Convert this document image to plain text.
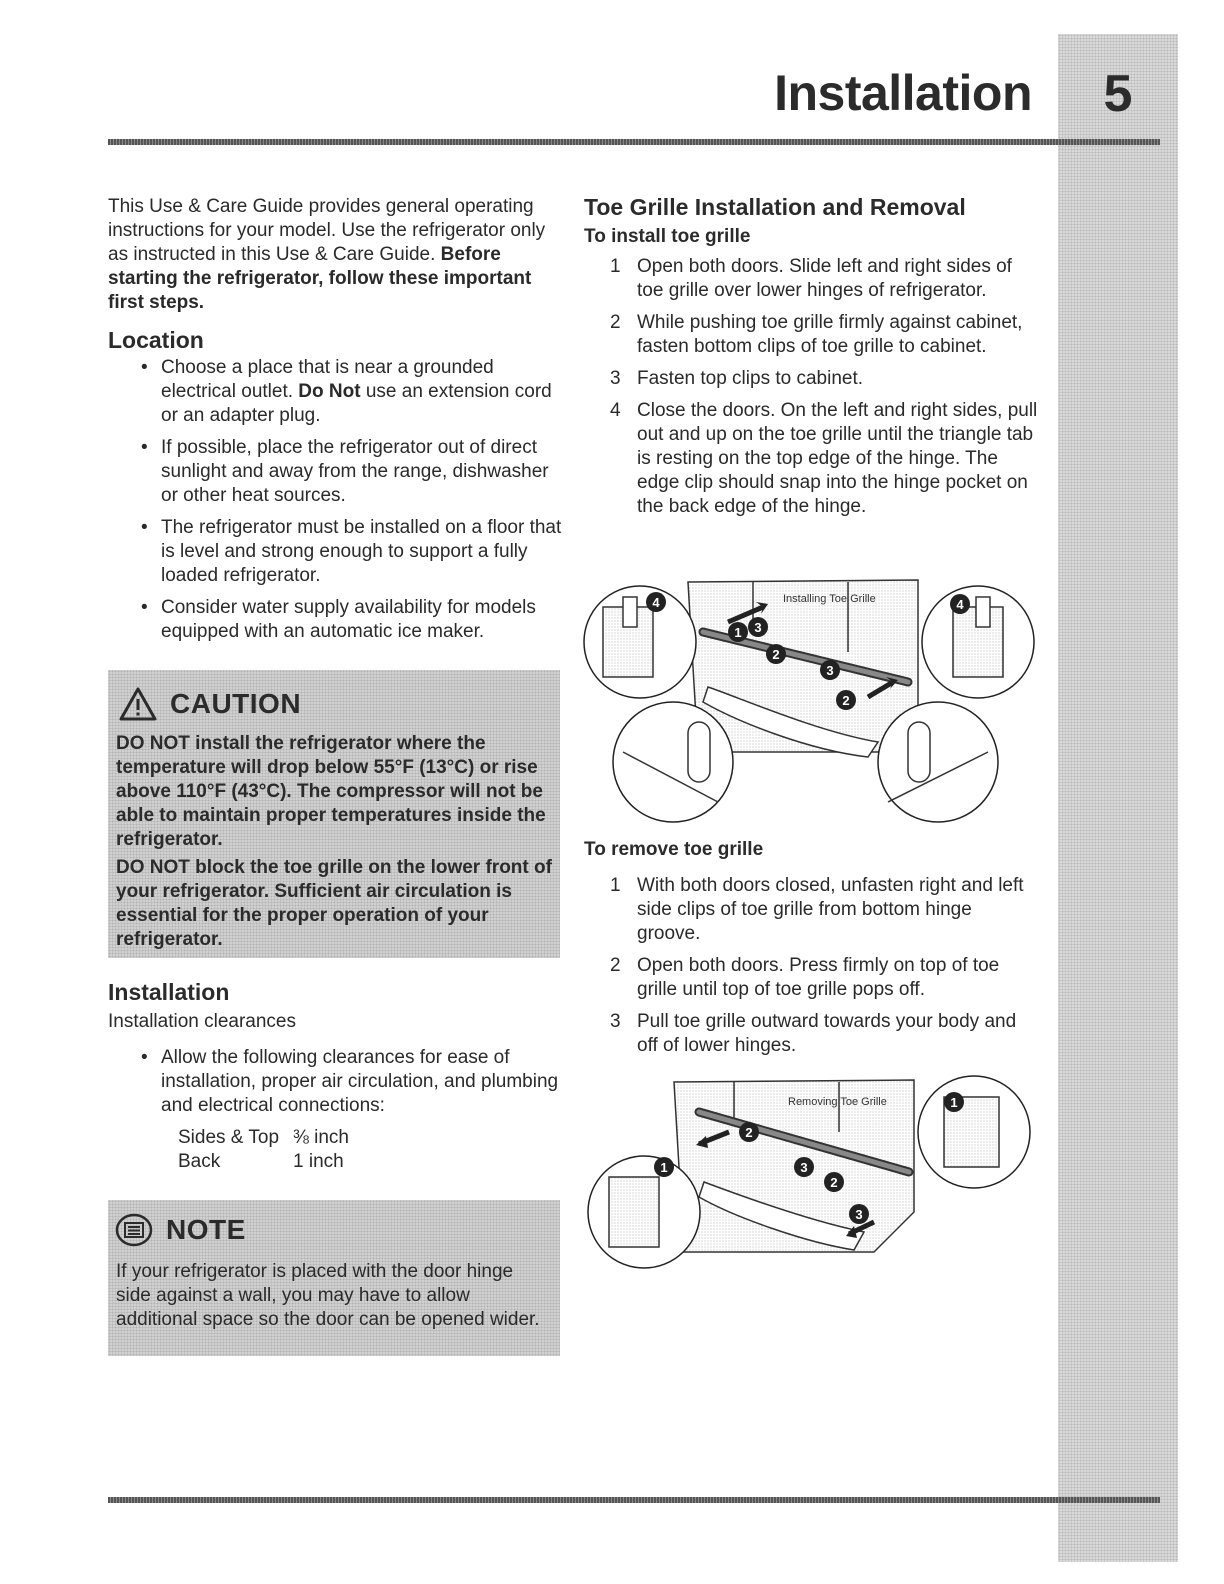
Installation	5

This Use & Care Guide provides general operating instructions for your model. Use the refrigerator only as instructed in this Use & Care Guide. Before starting the refrigerator, follow these important first steps.

Location
• Choose a place that is near a grounded electrical outlet. Do Not use an extension cord or an adapter plug.
• If possible, place the refrigerator out of direct sunlight and away from the range, dishwasher or other heat sources.
• The refrigerator must be installed on a floor that is level and strong enough to support a fully loaded refrigerator.
• Consider water supply availability for models equipped with an automatic ice maker.
CAUTION

DO NOT install the refrigerator where the temperature will drop below 55°F (13°C) or rise above 110°F (43°C). The compressor will not be able to maintain proper temperatures inside the refrigerator.

DO NOT block the toe grille on the lower front of your refrigerator. Sufficient air circulation is essential for the proper operation of your refrigerator.

Installation

Installation clearances

• Allow the following clearances for ease of installation, proper air circulation, and plumbing and electrical connections:
Sides & Top	⅜ inch
Back	1 inch
NOTE

If your refrigerator is placed with the door hinge side against a wall, you may have to allow additional space so the door can be opened wider.

Toe Grille Installation and Removal
To install toe grille
1 Open both doors. Slide left and right sides of toe grille over lower hinges of refrigerator.
2 While pushing toe grille firmly against cabinet, fasten bottom clips of toe grille to cabinet.
3 Fasten top clips to cabinet.
4 Close the doors. On the left and right sides, pull out and up on the toe grille until the triangle tab is resting on the top edge of the hinge. The edge clip should snap into the hinge pocket on the back edge of the hinge.
Installing Toe Grille
4	4
1 3
2
3
2
To remove toe grille
1 With both doors closed, unfasten right and left side clips of toe grille from bottom hinge groove.
2 Open both doors. Press firmly on top of toe grille until top of toe grille pops off.
3 Pull toe grille outward towards your body and off of lower hinges.
Removing Toe Grille
1
1
2
3
2
3
